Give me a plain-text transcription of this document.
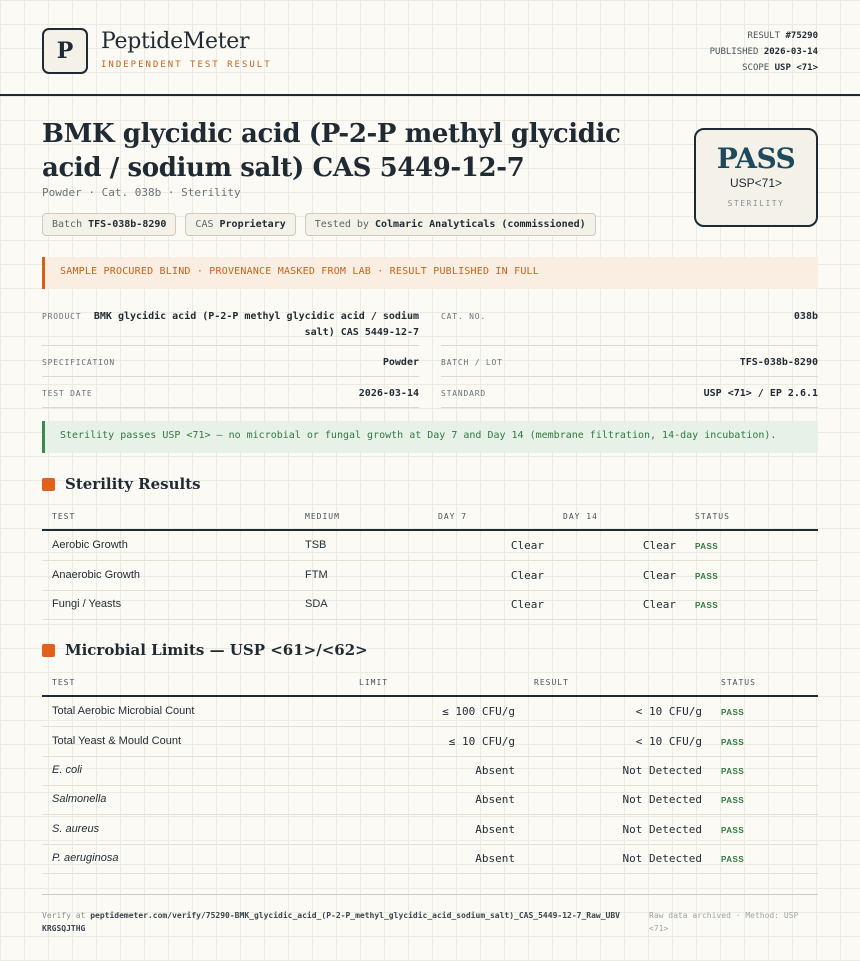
P	PeptideMeter
INDEPENDENT TEST RESULT
RESULT #75290
PUBLISHED 2026-03-14
SCOPE USP <71>
BMK glycidic acid (P-2-P methyl glycidic acid / sodium salt) CAS 5449-12-7
Powder · Cat. 038b · Sterility
Batch TFS-038b-8290	CAS Proprietary	Tested by Colmaric Analyticals (commissioned)
PASS
USP<71>
STERILITY
SAMPLE PROCURED BLIND · PROVENANCE MASKED FROM LAB · RESULT PUBLISHED IN FULL
PRODUCT	BMK glycidic acid (P-2-P methyl glycidic acid / sodium salt) CAS 5449-12-7
CAT. NO.	038b
SPECIFICATION	Powder	BATCH / LOT	TFS-038b-8290
TEST DATE	2026-03-14	STANDARD	USP <71> / EP 2.6.1
Sterility passes USP <71> — no microbial or fungal growth at Day 7 and Day 14 (membrane filtration, 14-day incubation).
Sterility Results
TEST	MEDIUM	DAY 7	DAY 14	STATUS
Aerobic Growth	TSB	Clear	Clear PASS
Anaerobic Growth	FTM	Clear	Clear PASS
Fungi / Yeasts	SDA	Clear	Clear PASS
Microbial Limits — USP <61>/<62>
TEST	LIMIT	RESULT	STATUS
Total Aerobic Microbial Count	≤ 100 CFU/g	< 10 CFU/g PASS
Total Yeast & Mould Count	≤ 10 CFU/g	< 10 CFU/g PASS
E. coli	Absent	Not Detected PASS
Salmonella	Absent	Not Detected PASS
S. aureus	Absent	Not Detected PASS
P. aeruginosa	Absent	Not Detected PASS
Verify at peptidemeter.com/verify/75290-BMK_glycidic_acid_(P-2-P_methyl_glycidic_acid_sodium_salt)_CAS_5449-12-7_Raw_UBVKRGSQJTHG
Raw data archived · Method: USP <71>
